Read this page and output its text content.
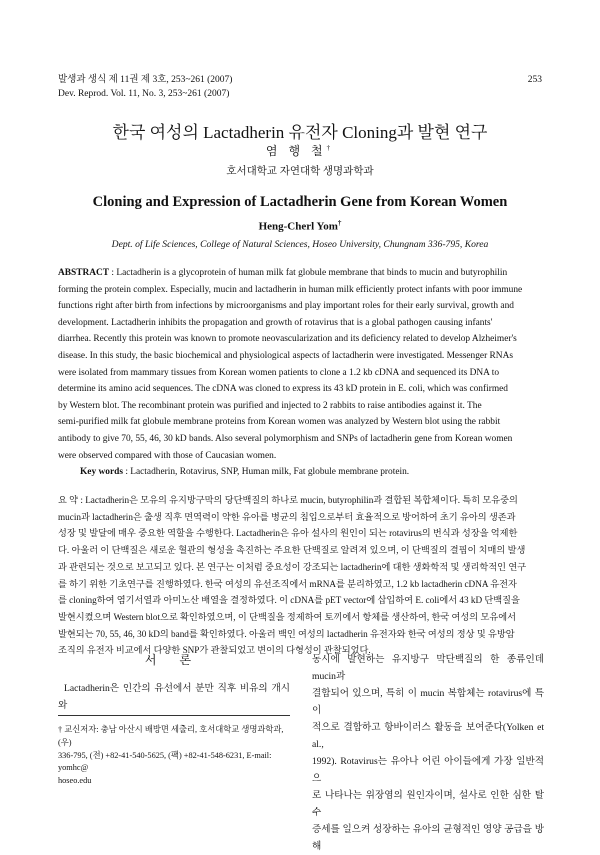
발생과 생식 제 11권 제 3호, 253~261 (2007)
Dev. Reprod. Vol. 11, No. 3, 253~261 (2007)
253
한국 여성의 Lactadherin 유전자 Cloning과 발현 연구
염 행 철†
호서대학교 자연대학 생명과학과
Cloning and Expression of Lactadherin Gene from Korean Women
Heng-Cherl Yom†
Dept. of Life Sciences, College of Natural Sciences, Hoseo University, Chungnam 336-795, Korea
ABSTRACT : Lactadherin is a glycoprotein of human milk fat globule membrane that binds to mucin and butyrophilin
forming the protein complex. Especially, mucin and lactadherin in human milk efficiently protect infants with poor immune
functions right after birth from infections by microorganisms and play important roles for their early survival, growth and
development. Lactadherin inhibits the propagation and growth of rotavirus that is a global pathogen causing infants'
diarrhea. Recently this protein was known to promote neovascularization and its deficiency related to develop Alzheimer's
disease. In this study, the basic biochemical and physiological aspects of lactadherin were investigated. Messenger RNAs
were isolated from mammary tissues from Korean women patients to clone a 1.2 kb cDNA and sequenced its DNA to
determine its amino acid sequences. The cDNA was cloned to express its 43 kD protein in E. coli, which was confirmed
by Western blot. The recombinant protein was purified and injected to 2 rabbits to raise antibodies against it. The
semi-purified milk fat globule membrane proteins from Korean women was analyzed by Western blot using the rabbit
antibody to give 70, 55, 46, 30 kD bands. Also several polymorphism and SNPs of lactadherin gene from Korean women
were observed compared with those of Caucasian women.
Key words : Lactadherin, Rotavirus, SNP, Human milk, Fat globule membrane protein.
요 약 : Lactadherin은 모유의 유지방구막의 당단백질의 하나로 mucin, butyrophilin과 결합된 복합체이다. 특히 모유중의
mucin과 lactadherin은 출생 직후 면역력이 약한 유아를 병균의 침입으로부터 효율적으로 방어하여 초기 유아의 생존과
성장 및 발달에 매우 중요한 역할을 수행한다. Lactadherin은 유아 설사의 원인이 되는 rotavirus의 번식과 성장을 억제한
다. 아울러 이 단백질은 새로운 혈관의 형성을 촉진하는 주요한 단백질로 알려져 있으며, 이 단백질의 결핍이 치매의 발생
과 관련되는 것으로 보고되고 있다. 본 연구는 이처럼 중요성이 강조되는 lactadherin에 대한 생화학적 및 생리학적인 연구
를 하기 위한 기초연구를 진행하였다. 한국 여성의 유선조직에서 mRNA를 분리하였고, 1.2 kb lactadherin cDNA 유전자
를 cloning하여 염기서열과 아미노산 배열을 결정하였다. 이 cDNA를 pET vector에 삽입하여 E. coli에서 43 kD 단백질을
발현시켰으며 Western blot으로 확인하였으며, 이 단백질을 정제하여 토끼에서 항체를 생산하여, 한국 여성의 모유에서
발현되는 70, 55, 46, 30 kD의 band를 확인하였다. 아울러 백인 여성의 lactadherin 유전자와 한국 여성의 정상 및 유방암
조직의 유전자 비교에서 다양한 SNP가 관찰되었고 변이의 다형성이 관찰되었다.
서 론
Lactadherin은 인간의 유선에서 분만 직후 비유의 개시와
† 교신저자: 충남 아산시 배방면 세출리, 호서대학교 생명과학과, (우)
336-795, (전) +82-41-540-5625, (팩) +82-41-548-6231, E-mail: yomhc@
hoseo.edu
동시에 발현하는 유지방구 막단백질의 한 종류인데 mucin과
결합되어 있으며, 특히 이 mucin 복합체는 rotavirus에 특이
적으로 결합하고 항바이러스 활동을 보여준다(Yolken et al.,
1992). Rotavirus는 유아나 어린 아이들에게 가장 일반적으
로 나타나는 위장염의 원인자이며, 설사로 인한 심한 탈수
증세를 일으켜 성장하는 유아의 균형적인 영양 공급을 방해
